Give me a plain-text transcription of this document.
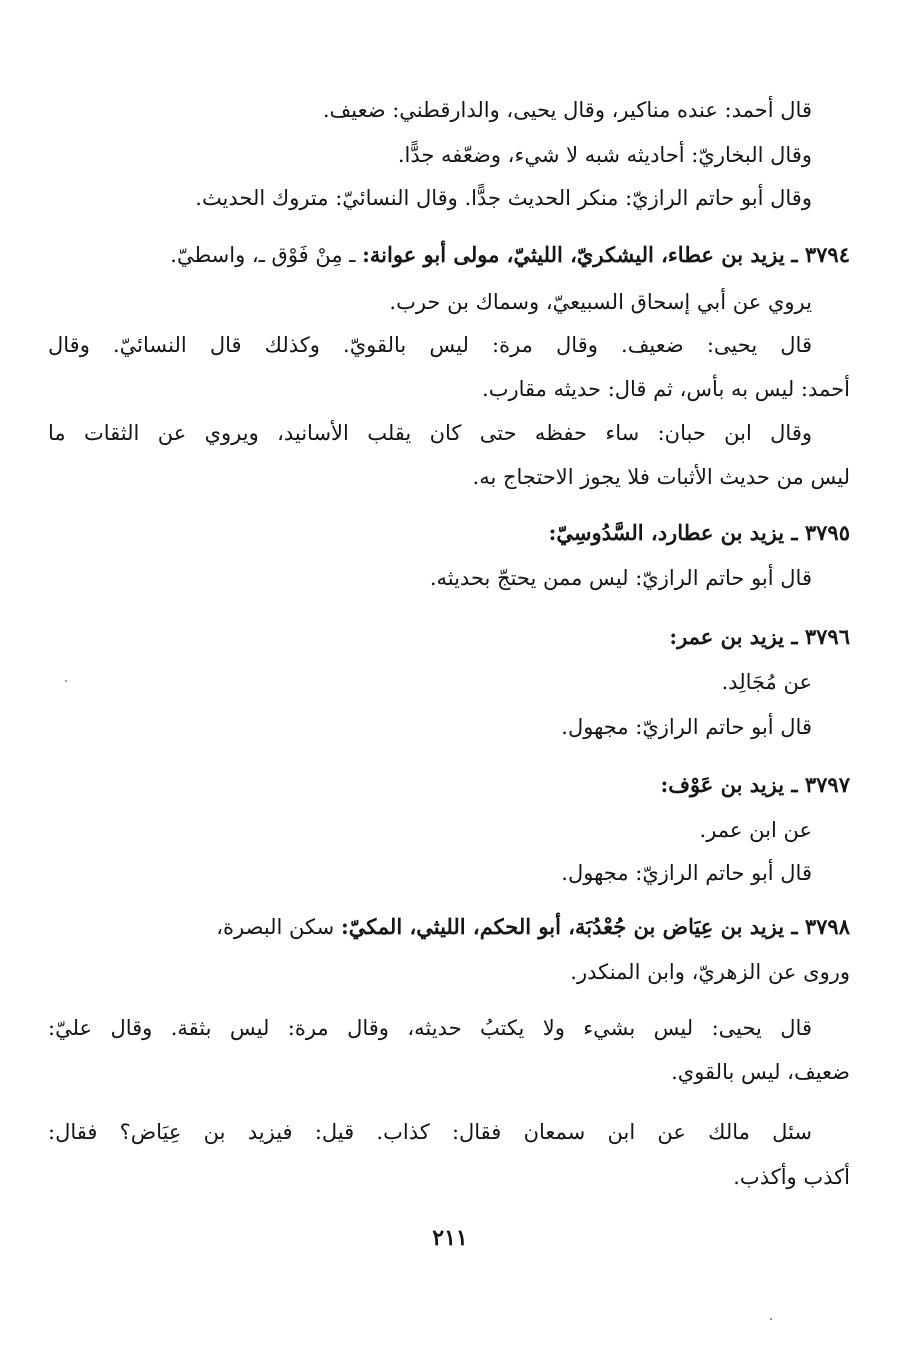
قال أحمد: عنده مناكير، وقال يحيى، والدارقطني: ضعيف.
وقال البخاريّ: أحاديثه شبه لا شيء، وضعّفه جدًّا.
وقال أبو حاتم الرازيّ: منكر الحديث جدًّا. وقال النسائيّ: متروك الحديث.
٣٧٩٤ ـ يزيد بن عطاء، اليشكريّ، الليثيّ، مولى أبو عوانة: ـ مِنْ فَوْق ـ، واسطيّ.
يروي عن أبي إسحاق السبيعيّ، وسماك بن حرب.
قال يحيى: ضعيف. وقال مرة: ليس بالقويّ. وكذلك قال النسائيّ. وقال
أحمد: ليس به بأس، ثم قال: حديثه مقارب.
وقال ابن حبان: ساء حفظه حتى كان يقلب الأسانيد، ويروي عن الثقات ما
ليس من حديث الأثبات فلا يجوز الاحتجاج به.
٣٧٩٥ ـ يزيد بن عطارد، السَّدُوسِيّ:
قال أبو حاتم الرازيّ: ليس ممن يحتجّ بحديثه.
٣٧٩٦ ـ يزيد بن عمر:
عن مُجَالِد.
قال أبو حاتم الرازيّ: مجهول.
٣٧٩٧ ـ يزيد بن عَوْف:
عن ابن عمر.
قال أبو حاتم الرازيّ: مجهول.
٣٧٩٨ ـ يزيد بن عِيَاض بن جُعْدُبَة، أبو الحكم، الليثي، المكيّ: سكن البصرة،
وروى عن الزهريّ، وابن المنكدر.
قال يحيى: ليس بشيء ولا يكتبُ حديثه، وقال مرة: ليس بثقة. وقال عليّ:
ضعيف، ليس بالقوي.
سئل مالك عن ابن سمعان فقال: كذاب. قيل: فيزيد بن عِيَاض؟ فقال:
أكذب وأكذب.
٢١١
